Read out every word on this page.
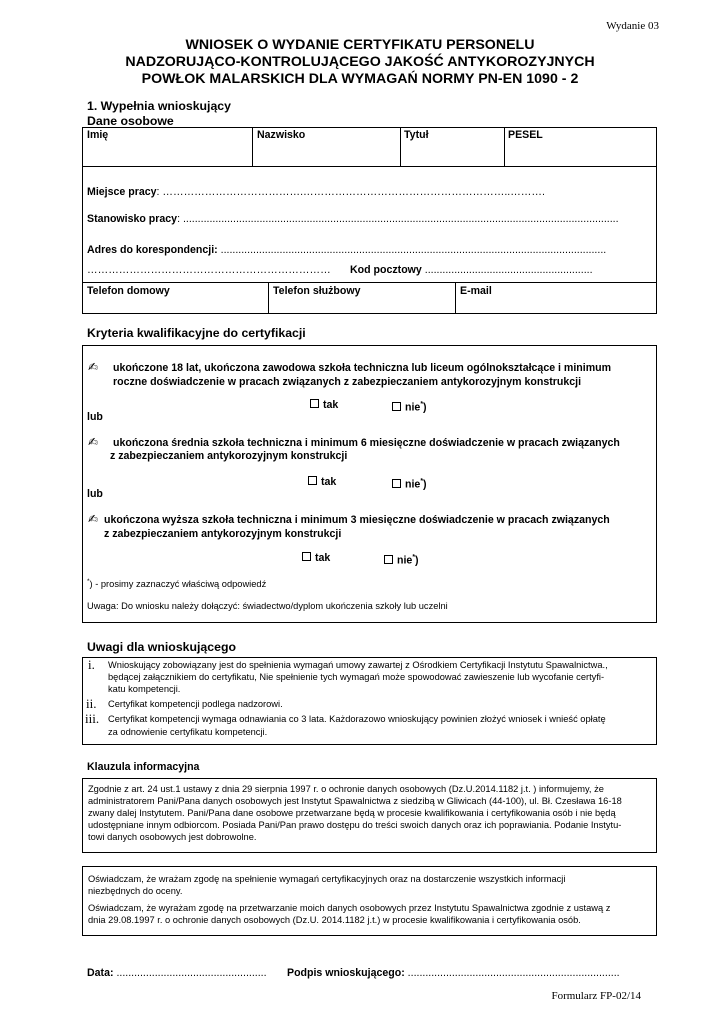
Wydanie 03
WNIOSEK O WYDANIE CERTYFIKATU PERSONELU
NADZORUJĄCO-KONTROLUJĄCEGO JAKOŚĆ ANTYKOROZYJNYCH
POWŁOK MALARSKICH DLA WYMAGAŃ NORMY PN-EN 1090 - 2
1. Wypełnia wnioskujący
Dane osobowe
Imię	Nazwisko	Tytuł	PESEL
Miejsce pracy: ………………………………….…………………………………………………..……….
Stanowisko pracy: ....................................................................................................................................................
Adres do korespondencji: ...................................................................................................................................
…………………………………………………………… Kod pocztowy .........................................................
Telefon domowy	Telefon służbowy	E-mail
Kryteria kwalifikacyjne do certyfikacji
✍ ukończone 18 lat, ukończona zawodowa szkoła techniczna lub liceum ogólnokształcące i minimum
roczne doświadczenie w pracach związanych z zabezpieczaniem antykorozyjnym konstrukcji
tak	nie*)
lub
✍ ukończona średnia szkoła techniczna i minimum 6 miesięczne doświadczenie w pracach związanych
z zabezpieczaniem antykorozyjnym konstrukcji
tak	nie*)
lub
✍ ukończona wyższa szkoła techniczna i minimum 3 miesięczne doświadczenie w pracach związanych
z zabezpieczaniem antykorozyjnym konstrukcji
tak	nie*)
*) - prosimy zaznaczyć właściwą odpowiedź
Uwaga: Do wniosku należy dołączyć: świadectwo/dyplom ukończenia szkoły lub uczelni
Uwagi dla wnioskującego
i. Wnioskujący zobowiązany jest do spełnienia wymagań umowy zawartej z Ośrodkiem Certyfikacji Instytutu Spawalnictwa.,
będącej załącznikiem do certyfikatu, Nie spełnienie tych wymagań może spowodować zawieszenie lub wycofanie certyfi-
katu kompetencji.
ii. Certyfikat kompetencji podlega nadzorowi.
iii. Certyfikat kompetencji wymaga odnawiania co 3 lata. Każdorazowo wnioskujący powinien złożyć wniosek i wnieść opłatę
za odnowienie certyfikatu kompetencji.
Klauzula informacyjna
Zgodnie z art. 24 ust.1 ustawy z dnia 29 sierpnia 1997 r. o ochronie danych osobowych (Dz.U.2014.1182 j.t. ) informujemy, że
administratorem Pani/Pana danych osobowych jest Instytut Spawalnictwa z siedzibą w Gliwicach (44-100), ul. Bł. Czesława 16-18
zwany dalej Instytutem. Pani/Pana dane osobowe przetwarzane będą w procesie kwalifikowania i certyfikowania osób i nie będą
udostępniane innym odbiorcom. Posiada Pani/Pan prawo dostępu do treści swoich danych oraz ich poprawiania. Podanie Instytu-
towi danych osobowych jest dobrowolne.
Oświadczam, że wrażam zgodę na spełnienie wymagań certyfikacyjnych oraz na dostarczenie wszystkich informacji
niezbędnych do oceny.
Oświadczam, że wyrażam zgodę na przetwarzanie moich danych osobowych przez Instytutu Spawalnictwa zgodnie z ustawą z
dnia 29.08.1997 r. o ochronie danych osobowych (Dz.U. 2014.1182 j.t.) w procesie kwalifikowania i certyfikowania osób.
Data: ................................................... Podpis wnioskującego: ........................................................................
Formularz FP-02/14
